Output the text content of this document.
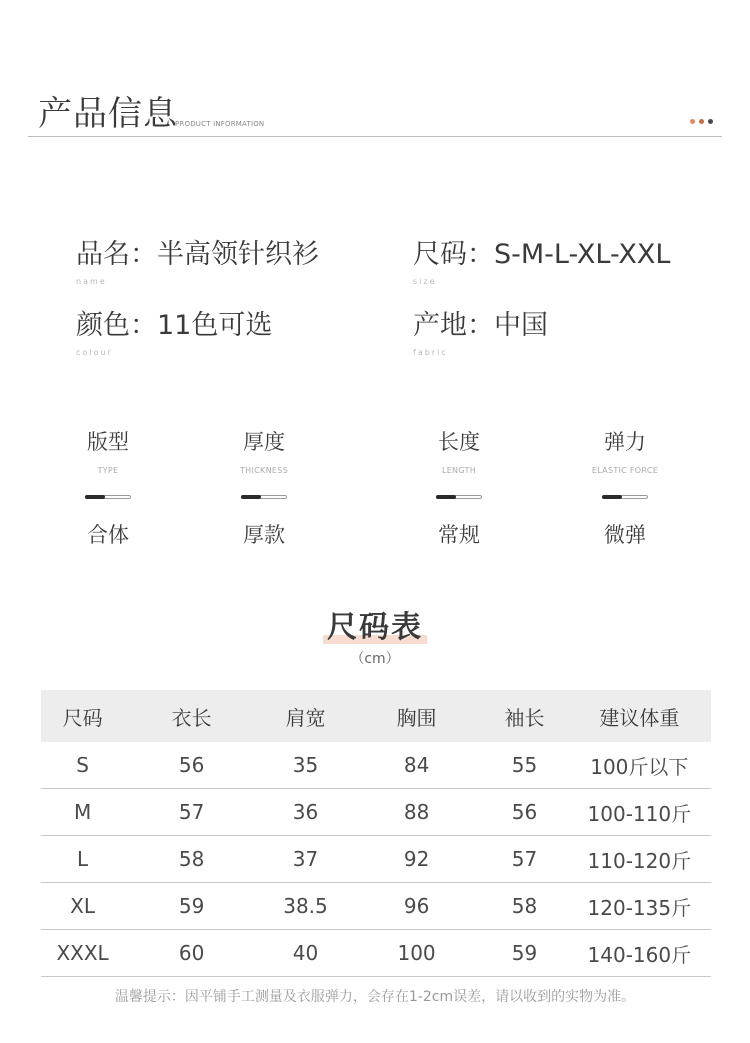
产品信息
PRODUCT INFORMATION
品名：半高领针织衫
name
尺码：S-M-L-XL-XXL
size
颜色：11色可选
colour
产地：中国
fabric
版型
TYPE
合体
厚度
THICKNESS
厚款
长度
LENGTH
常规
弹力
ELASTIC FORCE
微弹
尺码表
（cm）
尺码	衣长	肩宽	胸围	袖长	建议体重
S	56	35	84	55	100斤以下
M	57	36	88	56	100-110斤
L	58	37	92	57	110-120斤
XL	59	38.5	96	58	120-135斤
XXXL	60	40	100	59	140-160斤
温馨提示：因平铺手工测量及衣服弹力，会存在1-2cm误差，请以收到的实物为准。
